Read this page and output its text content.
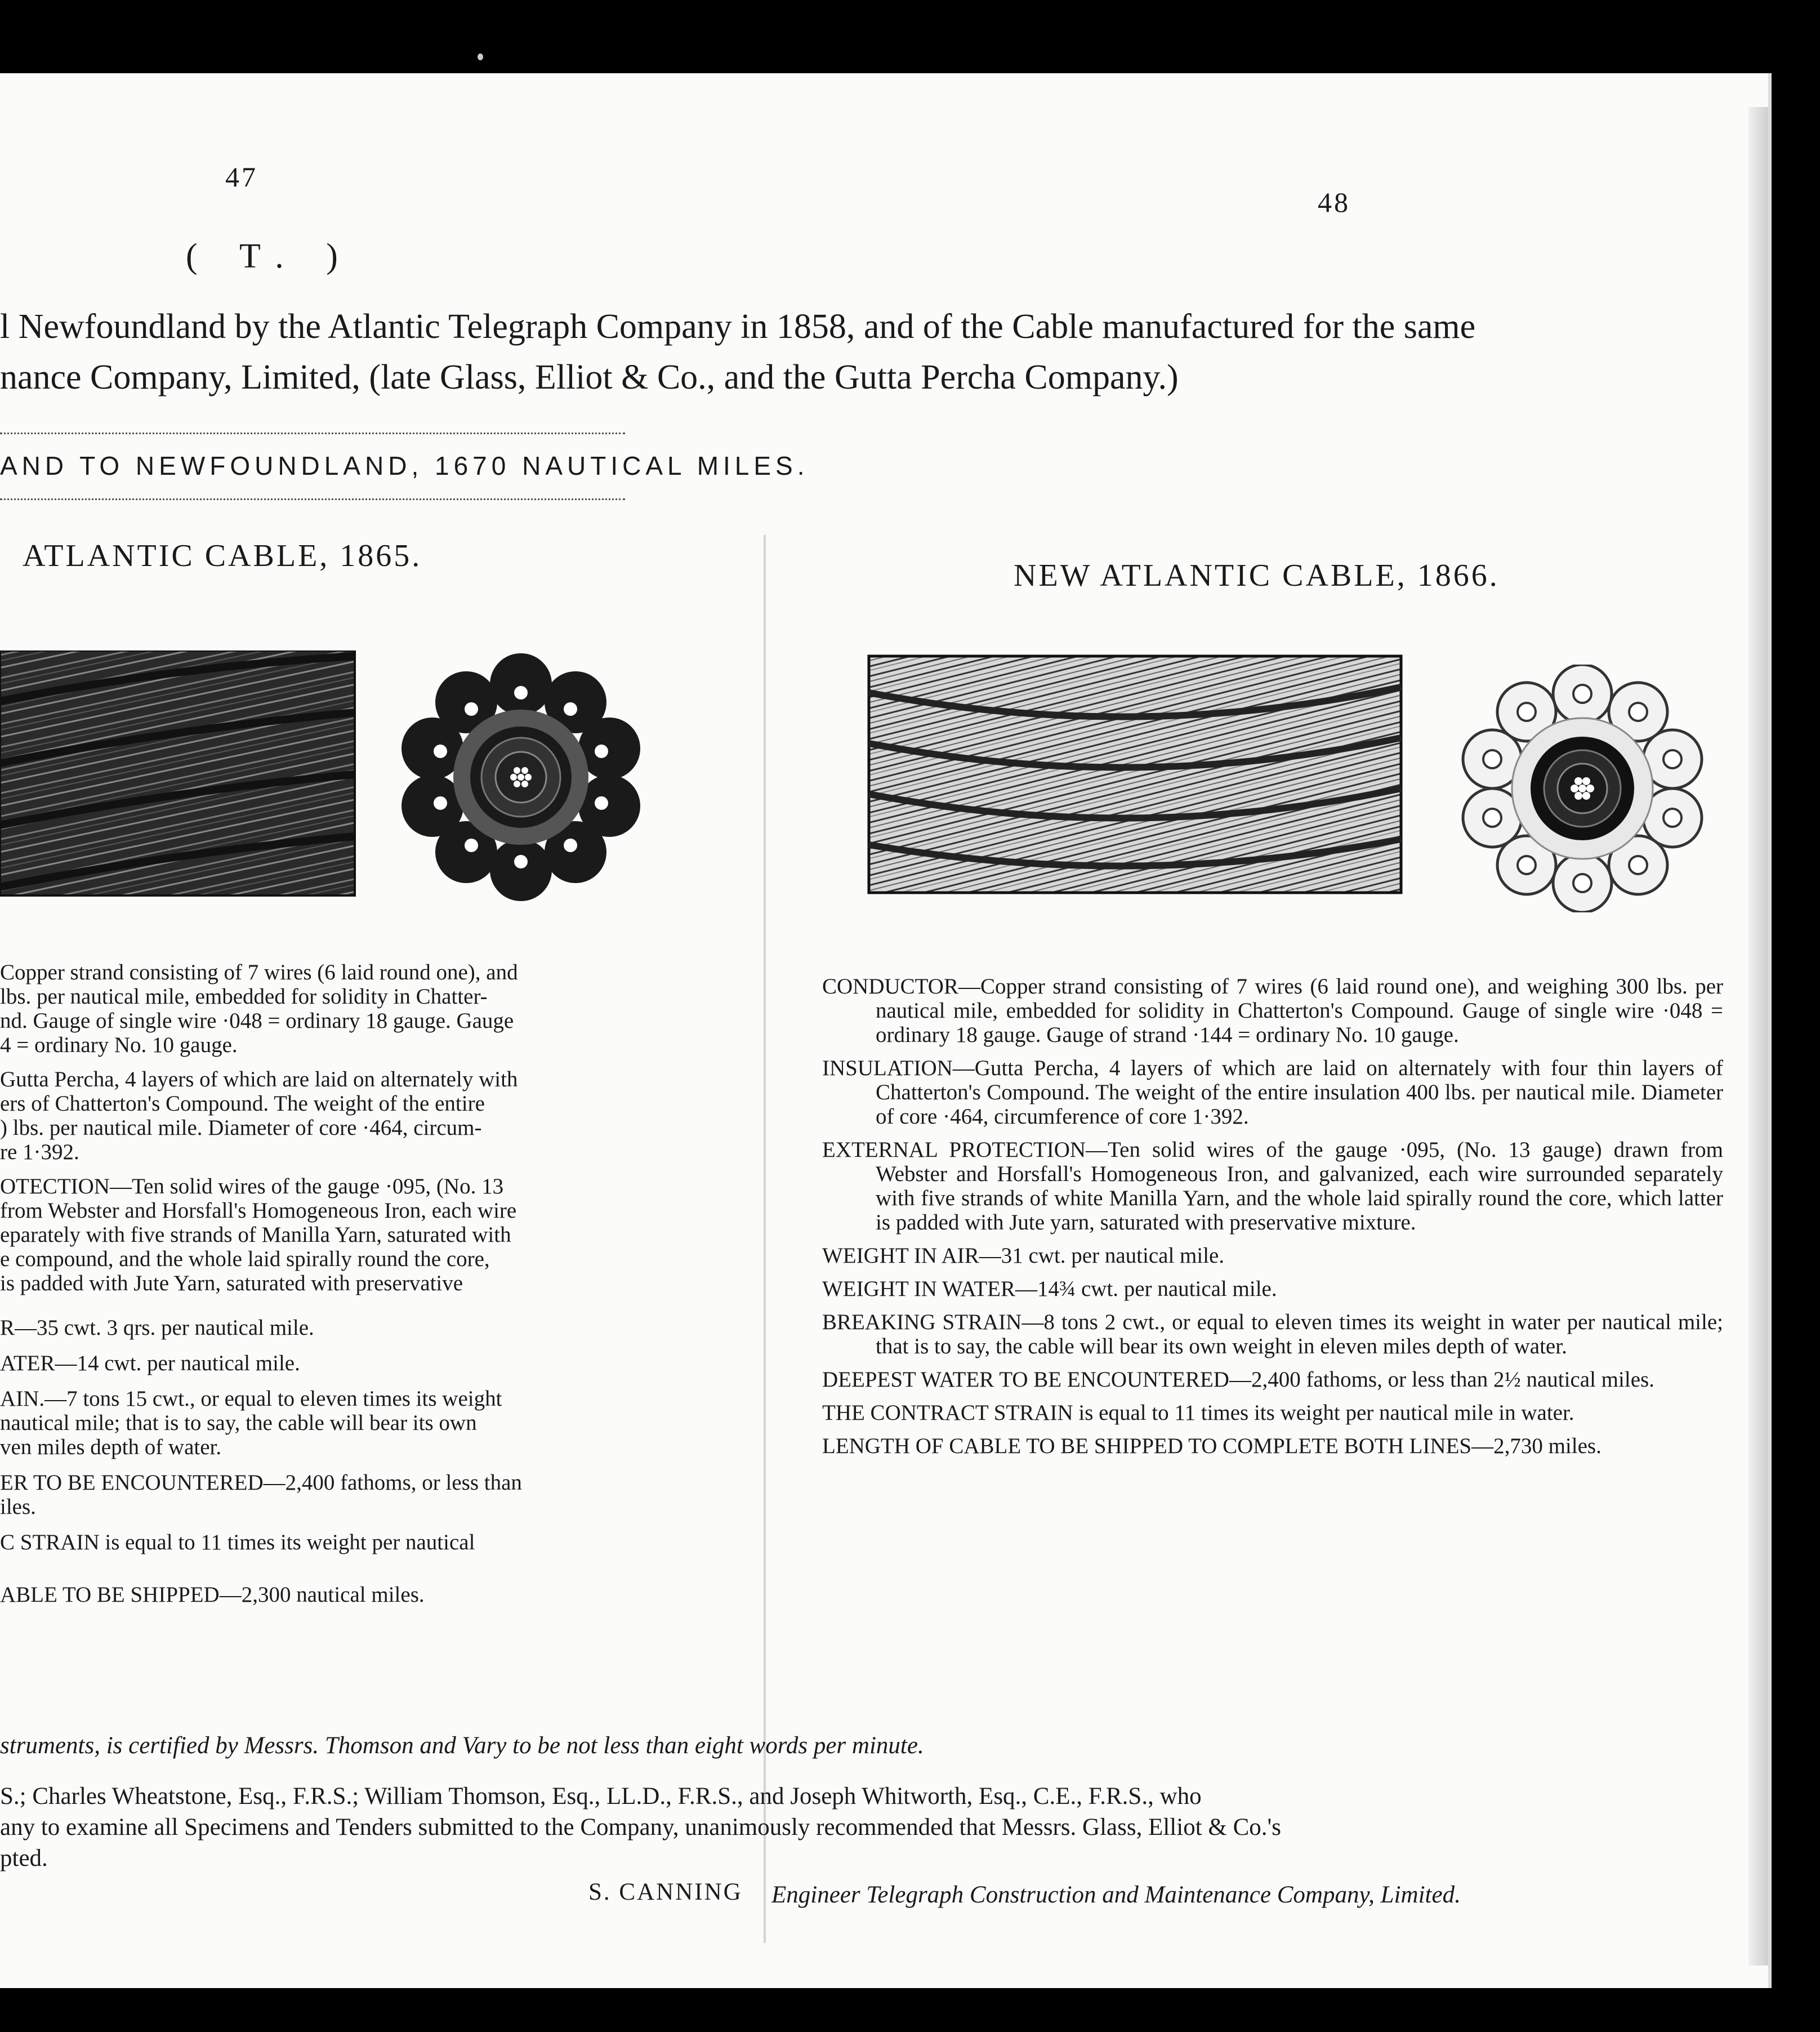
47
48
( T. )
l Newfoundland by the Atlantic Telegraph Company in 1858, and of the Cable manufactured for the same
nance Company, Limited, (late Glass, Elliot & Co., and the Gutta Percha Company.)
AND TO NEWFOUNDLAND, 1670 NAUTICAL MILES.
ATLANTIC CABLE, 1865.
NEW ATLANTIC CABLE, 1866.

Copper strand consisting of 7 wires (6 laid round one), and

lbs. per nautical mile, embedded for solidity in Chatter-

nd. Gauge of single wire ·048 = ordinary 18 gauge. Gauge

4 = ordinary No. 10 gauge.

Gutta Percha, 4 layers of which are laid on alternately with

ers of Chatterton's Compound. The weight of the entire

) lbs. per nautical mile. Diameter of core ·464, circum-

re 1·392.

OTECTION—Ten solid wires of the gauge ·095, (No. 13

from Webster and Horsfall's Homogeneous Iron, each wire

eparately with five strands of Manilla Yarn, saturated with

e compound, and the whole laid spirally round the core,

is padded with Jute Yarn, saturated with preservative

R—35 cwt. 3 qrs. per nautical mile.

ATER—14 cwt. per nautical mile.

AIN.—7 tons 15 cwt., or equal to eleven times its weight

nautical mile; that is to say, the cable will bear its own

ven miles depth of water.

ER TO BE ENCOUNTERED—2,400 fathoms, or less than

iles.

C STRAIN is equal to 11 times its weight per nautical

ABLE TO BE SHIPPED—2,300 nautical miles.

CONDUCTOR—Copper strand consisting of 7 wires (6 laid round one), and weighing 300 lbs. per nautical mile, embedded for solidity in Chatterton's Compound. Gauge of single wire ·048 = ordinary 18 gauge. Gauge of strand ·144 = ordinary No. 10 gauge.

INSULATION—Gutta Percha, 4 layers of which are laid on alternately with four thin layers of Chatterton's Compound. The weight of the entire insulation 400 lbs. per nautical mile. Diameter of core ·464, circumference of core 1·392.

EXTERNAL PROTECTION—Ten solid wires of the gauge ·095, (No. 13 gauge) drawn from Webster and Horsfall's Homogeneous Iron, and galvanized, each wire surrounded separately with five strands of white Manilla Yarn, and the whole laid spirally round the core, which latter is padded with Jute yarn, saturated with preservative mixture.

WEIGHT IN AIR—31 cwt. per nautical mile.

WEIGHT IN WATER—14¾ cwt. per nautical mile.

BREAKING STRAIN—8 tons 2 cwt., or equal to eleven times its weight in water per nautical mile; that is to say, the cable will bear its own weight in eleven miles depth of water.

DEEPEST WATER TO BE ENCOUNTERED—2,400 fathoms, or less than 2½ nautical miles.

THE CONTRACT STRAIN is equal to 11 times its weight per nautical mile in water.

LENGTH OF CABLE TO BE SHIPPED TO COMPLETE BOTH LINES—2,730 miles.

struments, is certified by Messrs. Thomson and Vary to be not less than eight words per minute.
S.; Charles Wheatstone, Esq., F.R.S.; William Thomson, Esq., LL.D., F.R.S., and Joseph Whitworth, Esq., C.E., F.R.S., who
any to examine all Specimens and Tenders submitted to the Company, unanimously recommended that Messrs. Glass, Elliot & Co.'s
pted.
S. CANNING Engineer Telegraph Construction and Maintenance Company, Limited.
